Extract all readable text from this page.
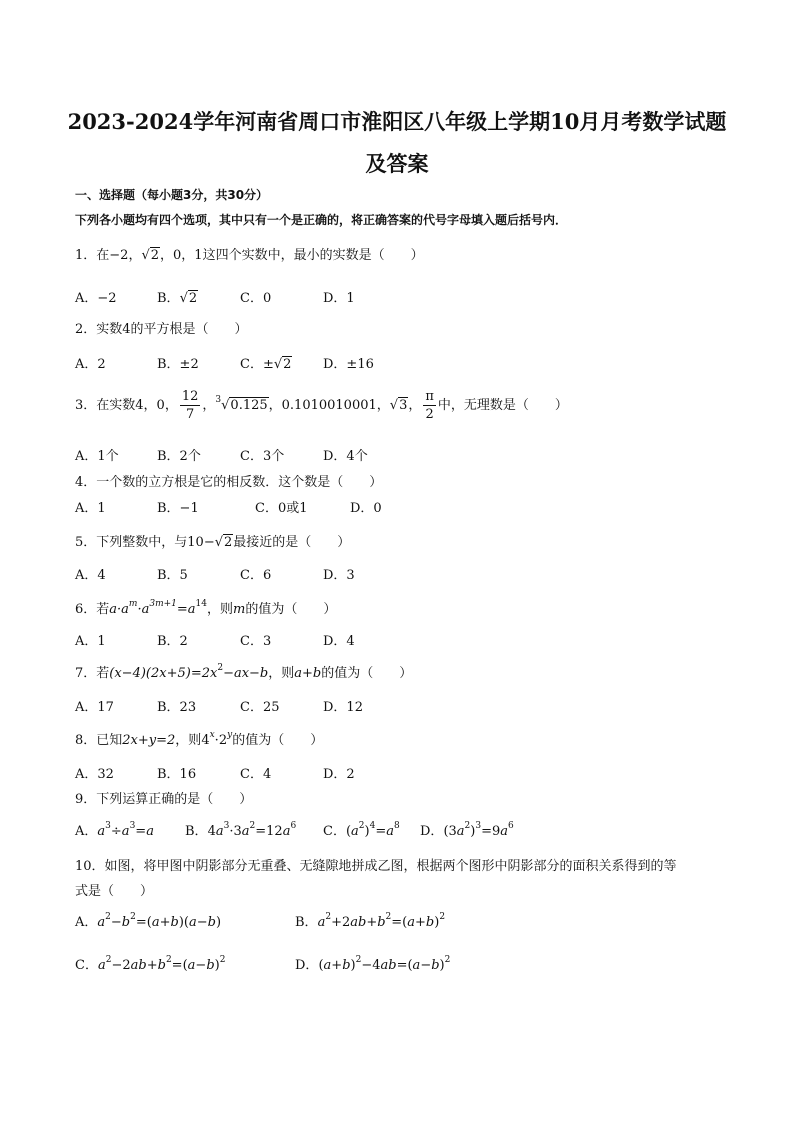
2023-2024学年河南省周口市淮阳区八年级上学期10月月考数学试题
及答案
一、选择题（每小题3分，共30分）
下列各小题均有四个选项，其中只有一个是正确的，将正确答案的代号字母填入题后括号内．
1．在−2，√2，0，1这四个实数中，最小的实数是（　　）
A．−2	B．√2	C．0	D．1
2．实数4的平方根是（　　）
A．2	B．±2	C．±√2 D．±16
3．在实数4，0， $\frac{12}{7}$ ，$^3$√0.125，0.1010010001，√3， $\frac{\pi}{2}$ 中，无理数是（　　）
A．1个	B．2个	C．3个	D．4个
4．一个数的立方根是它的相反数．这个数是（　　）
A．1	B．−1	C．0或1	D．0
5．下列整数中，与10−√2最接近的是（　　）
A．4	B．5	C．6	D．3
6．若$a\cdot a^m\cdot a^{3m+1}=a^{14}$，则m的值为（　　）
A．1	B．2	C．3	D．4
7．若$(x-4)(2x+5)=2x^2-ax-b$，则a+b的值为（　　）
A．17	B．23	C．25	D．12
8．已知2x+y=2，则$4^x\cdot 2^y$的值为（　　）
A．32	B．16	C．4	D．2
9．下列运算正确的是（　　）
A．$a^3\div a^3=a$ B．$4a^3\cdot 3a^2=12a^6$ C．$(a^2)^4=a^8$ D．$(3a^2)^3=9a^6$
10．如图，将甲图中阴影部分无重叠、无缝隙地拼成乙图，根据两个图形中阴影部分的面积关系得到的等
式是（　　）
A．$a^2-b^2=(a+b)(a-b)$	B．$a^2+2ab+b^2=(a+b)^2$
C．$a^2-2ab+b^2=(a-b)^2$	D．$(a+b)^2-4ab=(a-b)^2$
